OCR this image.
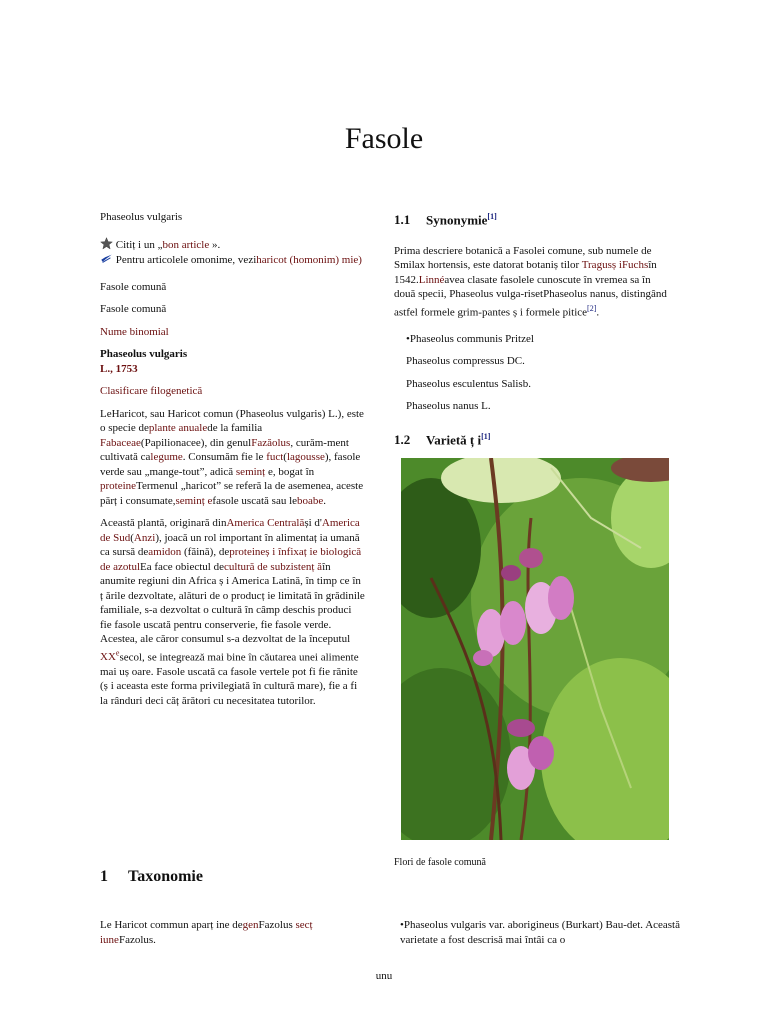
Fasole

Phaseolus vulgaris

Citiț i un „bon article ».

Pentru articolele omonime, veziharicot (homonim) mie)

Fasole comună

Fasole comună

Nume binomial

Phaseolus vulgaris

L., 1753

Clasificare filogenetică

LeHaricot, sau Haricot comun (Phaseolus vulgaris) L.), este o specie deplante anualede la familia Fabaceae(Papilionacee), din genulFazăolus, curăm-ment cultivată calegume. Consumăm fie le fuct(lagousse), fasole verde sau „mange-tout”, adică seminț e, bogat în proteineTermenul „haricot” se referă la de asemenea, aceste părț i consumate,seminț efasole uscată sau leboabe.

Această plantă, originară dinAmerica Centralăși d'America de Sud(Anzi), joacă un rol important în alimentaț ia umană ca sursă deamidon (făină), deproteineș i înfixaț ie biologică de azotulEa face obiectul decultură de subzistenț ăîn anumite regiuni din Africa ș i America Latină, în timp ce în ț ările dezvoltate, alături de o producț ie limitată în grădinile familiale, s-a dezvoltat o cultură în câmp deschis produci fie fasole uscată pentru conserverie, fie fasole verde. Acestea, ale căror consumul s-a dezvoltat de la începutul XXesecol, se integrează mai bine în căutarea unei alimente mai uș oare. Fasole uscată ca fasole vertele pot fi fie rănite (ș i aceasta este forma privilegiată în cultură mare), fie a fi la rânduri deci căț ărători cu necesitatea tutorilor.

1 Taxonomie
Le Haricot commun aparț ine degenFazolus secț iuneFazolus.
1.1 Synonymie[1]

Prima descriere botanică a Fasolei comune, sub numele de Smilax hortensis, este datorat botaniș tilor Tragusș iFuchsîn 1542.Linnéavea clasate fasolele cunoscute în vremea sa în două specii, Phaseolus vulga-risetPhaseolus nanus, distingând astfel formele grim-pantes ș i formele pitice[2].

•Phaseolus communis Pritzel

Phaseolus compressus DC.

Phaseolus esculentus Salisb.

Phaseolus nanus L.

1.2 Varietă ț i[1]

Flori de fasole comună

•Phaseolus vulgaris var. aborigineus (Burkart) Bau-det. Această varietate a fost descrisă mai întâi ca o
unu
